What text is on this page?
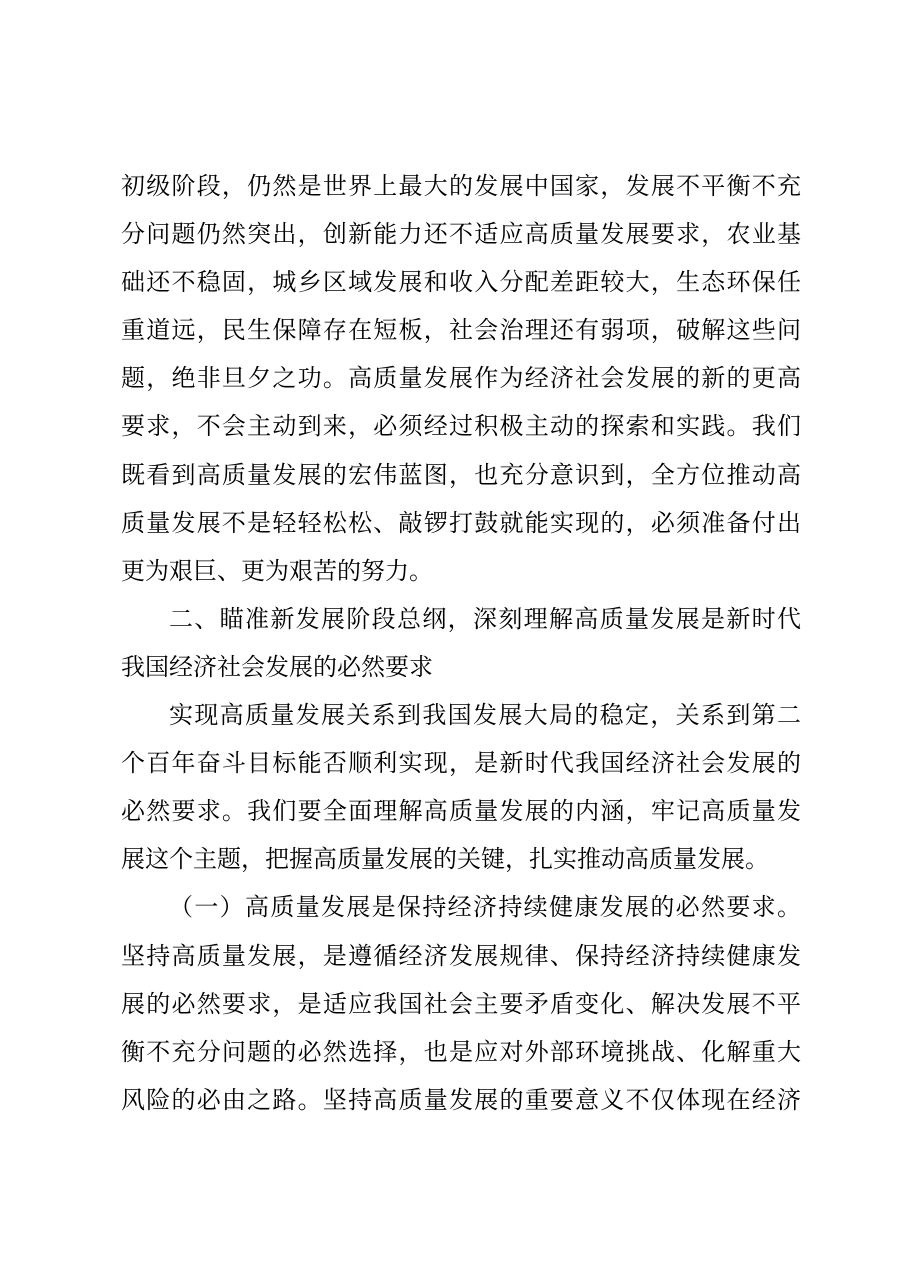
初级阶段，仍然是世界上最大的发展中国家，发展不平衡不充
分问题仍然突出，创新能力还不适应高质量发展要求，农业基
础还不稳固，城乡区域发展和收入分配差距较大，生态环保任
重道远，民生保障存在短板，社会治理还有弱项，破解这些问
题，绝非旦夕之功。高质量发展作为经济社会发展的新的更高
要求，不会主动到来，必须经过积极主动的探索和实践。我们
既看到高质量发展的宏伟蓝图，也充分意识到，全方位推动高
质量发展不是轻轻松松、敲锣打鼓就能实现的，必须准备付出
更为艰巨、更为艰苦的努力。
二、瞄准新发展阶段总纲，深刻理解高质量发展是新时代
我国经济社会发展的必然要求
实现高质量发展关系到我国发展大局的稳定，关系到第二
个百年奋斗目标能否顺利实现，是新时代我国经济社会发展的
必然要求。我们要全面理解高质量发展的内涵，牢记高质量发
展这个主题，把握高质量发展的关键，扎实推动高质量发展。
（一）高质量发展是保持经济持续健康发展的必然要求。
坚持高质量发展，是遵循经济发展规律、保持经济持续健康发
展的必然要求，是适应我国社会主要矛盾变化、解决发展不平
衡不充分问题的必然选择，也是应对外部环境挑战、化解重大
风险的必由之路。坚持高质量发展的重要意义不仅体现在经济
